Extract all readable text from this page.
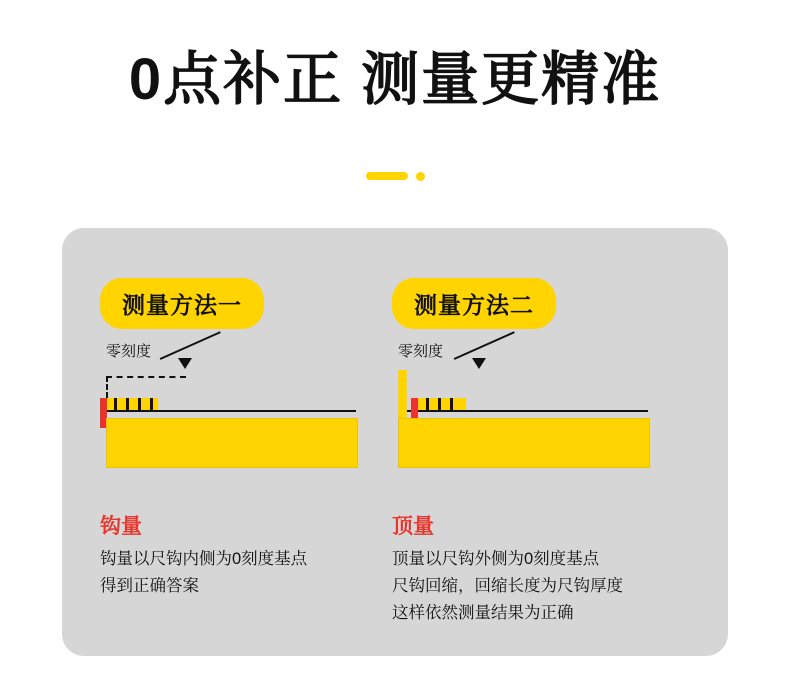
0点补正 测量更精准
测量方法一
零刻度
钩量
钩量以尺钩内侧为0刻度基点
得到正确答案
测量方法二
零刻度
顶量
顶量以尺钩外侧为0刻度基点
尺钩回缩，回缩长度为尺钩厚度
这样依然测量结果为正确
